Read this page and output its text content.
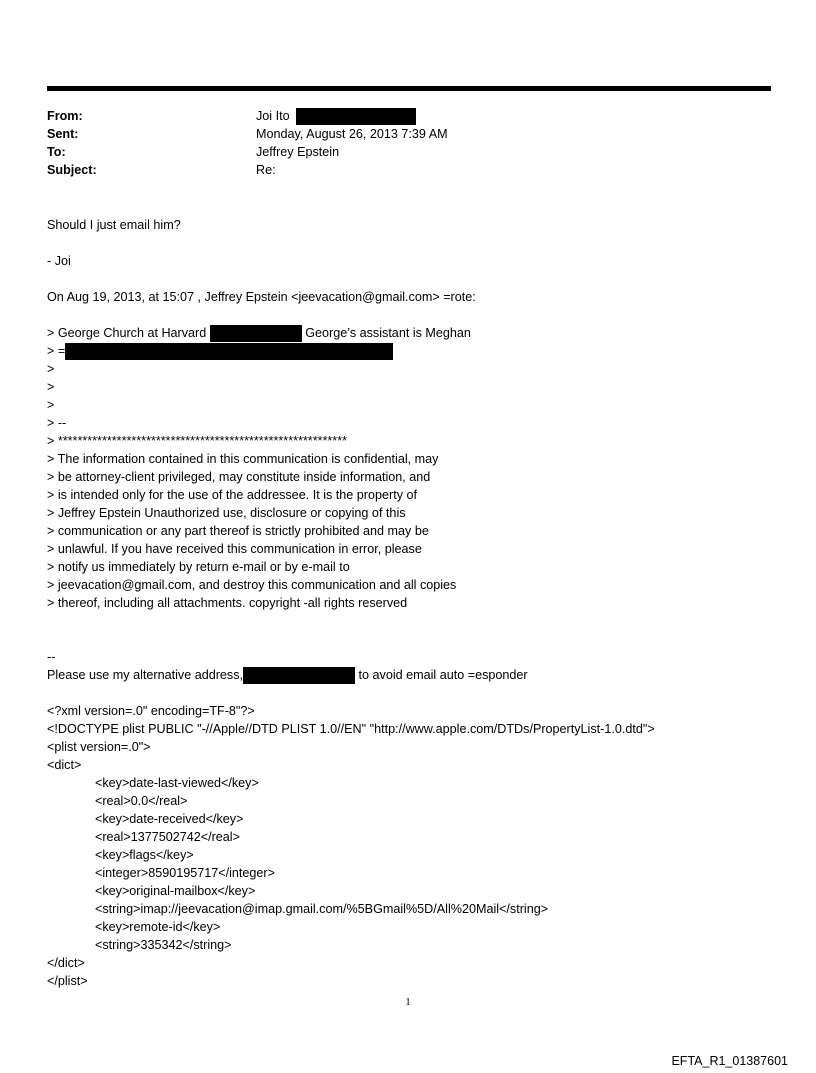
From:	Joi Ito
Sent:	Monday, August 26, 2013 7:39 AM
To:	Jeffrey Epstein
Subject:	Re:
Should I just email him?
- Joi
On Aug 19, 2013, at 15:07 , Jeffrey Epstein <jeevacation@gmail.com> =rote:
> George Church at Harvard	George’s assistant is Meghan
> =
>
>
>
> --
> ***********************************************************
> The information contained in this communication is confidential, may
> be attorney-client privileged, may constitute inside information, and
> is intended only for the use of the addressee. It is the property of
> Jeffrey Epstein Unauthorized use, disclosure or copying of this
> communication or any part thereof is strictly prohibited and may be
> unlawful. If you have received this communication in error, please
> notify us immediately by return e-mail or by e-mail to
> jeevacation@gmail.com, and destroy this communication and all copies
> thereof, including all attachments. copyright -all rights reserved
--
Please use my alternative address,	to avoid email auto =esponder
<?xml version=.0" encoding=TF-8"?>
<!DOCTYPE plist PUBLIC "-//Apple//DTD PLIST 1.0//EN" "http://www.apple.com/DTDs/PropertyList-1.0.dtd">
<plist version=.0">
<dict>
<key>date-last-viewed</key>
<real>0.0</real>
<key>date-received</key>
<real>1377502742</real>
<key>flags</key>
<integer>8590195717</integer>
<key>original-mailbox</key>
<string>imap://jeevacation@imap.gmail.com/%5BGmail%5D/All%20Mail</string>
<key>remote-id</key>
<string>335342</string>
</dict>
</plist>
1
EFTA_R1_01387601
